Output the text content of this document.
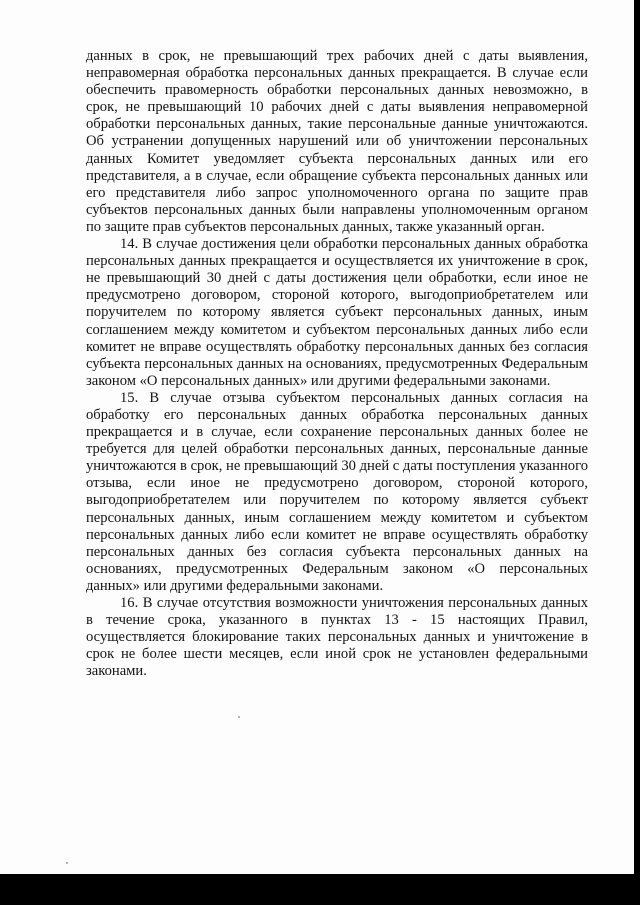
данных в срок, не превышающий трех рабочих дней с даты выявления, неправомерная обработка персональных данных прекращается. В случае если обеспечить правомерность обработки персональных данных невозможно, в срок, не превышающий 10 рабочих дней с даты выявления неправомерной обработки персональных данных, такие персональные данные уничтожаются. Об устранении допущенных нарушений или об уничтожении персональных данных Комитет уведомляет субъекта персональных данных или его представителя, а в случае, если обращение субъекта персональных данных или его представителя либо запрос уполномоченного органа по защите прав субъектов персональных данных были направлены уполномоченным органом по защите прав субъектов персональных данных, также указанный орган.

14. В случае достижения цели обработки персональных данных обработка персональных данных прекращается и осуществляется их уничтожение в срок, не превышающий 30 дней с даты достижения цели обработки, если иное не предусмотрено договором, стороной которого, выгодоприобретателем или поручителем по которому является субъект персональных данных, иным соглашением между комитетом и субъектом персональных данных либо если комитет не вправе осуществлять обработку персональных данных без согласия субъекта персональных данных на основаниях, предусмотренных Федеральным законом «О персональных данных» или другими федеральными законами.

15. В случае отзыва субъектом персональных данных согласия на обработку его персональных данных обработка персональных данных прекращается и в случае, если сохранение персональных данных более не требуется для целей обработки персональных данных, персональные данные уничтожаются в срок, не превышающий 30 дней с даты поступления указанного отзыва, если иное не предусмотрено договором, стороной которого, выгодоприобретателем или поручителем по которому является субъект персональных данных, иным соглашением между комитетом и субъектом персональных данных либо если комитет не вправе осуществлять обработку персональных данных без согласия субъекта персональных данных на основаниях, предусмотренных Федеральным законом «О персональных данных» или другими федеральными законами.

16. В случае отсутствия возможности уничтожения персональных данных в течение срока, указанного в пунктах 13 - 15 настоящих Правил, осуществляется блокирование таких персональных данных и уничтожение в срок не более шести месяцев, если иной срок не установлен федеральными законами.
